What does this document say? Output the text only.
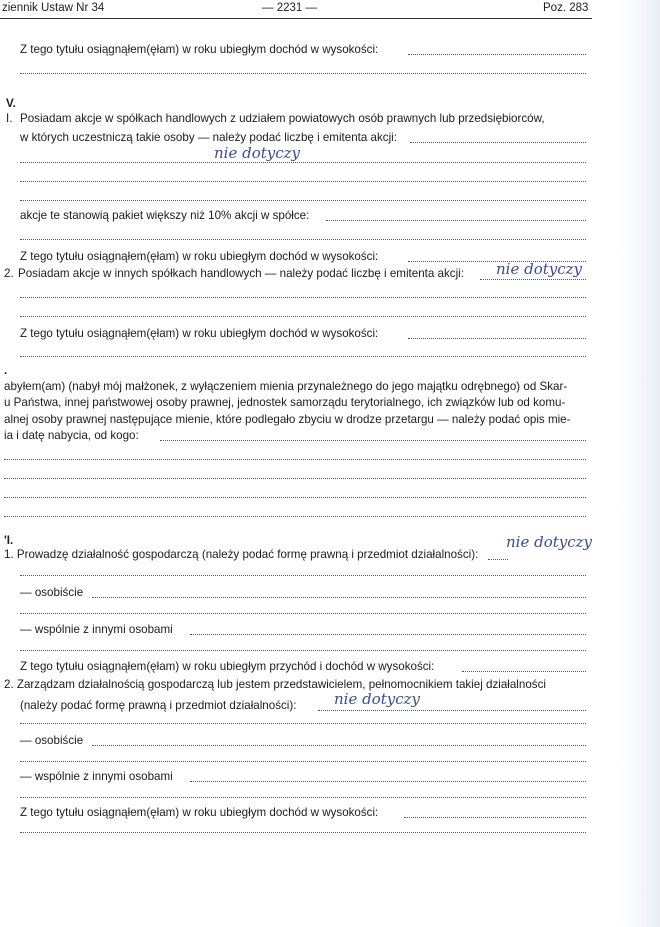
ziennik Ustaw Nr 34	— 2231 —	Poz. 283
Z tego tytułu osiągnąłem(ęłam) w roku ubiegłym dochód w wysokości:
V.
I. Posiadam akcje w spółkach handlowych z udziałem powiatowych osób prawnych lub przedsiębiorców,
w których uczestniczą takie osoby — należy podać liczbę i emitenta akcji:
nie dotyczy
akcje te stanowią pakiet większy niż 10% akcji w spółce:
Z tego tytułu osiągnąłem(ęłam) w roku ubiegłym dochód w wysokości:
2. Posiadam akcje w innych spółkach handlowych — należy podać liczbę i emitenta akcji: nie dotyczy
Z tego tytułu osiągnąłem(ęłam) w roku ubiegłym dochód w wysokości:
.
abyłem(am) (nabył mój małżonek, z wyłączeniem mienia przynależnego do jego majątku odrębnego) od Skar-
u Państwa, innej państwowej osoby prawnej, jednostek samorządu terytorialnego, ich związków lub od komu-
alnej osoby prawnej następujące mienie, które podlegało zbyciu w drodze przetargu — należy podać opis mie-
ia i datę nabycia, od kogo:
'I.
1. Prowadzę działalność gospodarczą (należy podać formę prawną i przedmiot działalności):
nie dotyczy
— osobiście
— wspólnie z innymi osobami
Z tego tytułu osiągnąłem(ęłam) w roku ubiegłym przychód i dochód w wysokości:
2. Zarządzam działalnością gospodarczą lub jestem przedstawicielem, pełnomocnikiem takiej działalności
(należy podać formę prawną i przedmiot działalności):	nie dotyczy
— osobiście
— wspólnie z innymi osobami
Z tego tytułu osiągnąłem(ęłam) w roku ubiegłym dochód w wysokości:
